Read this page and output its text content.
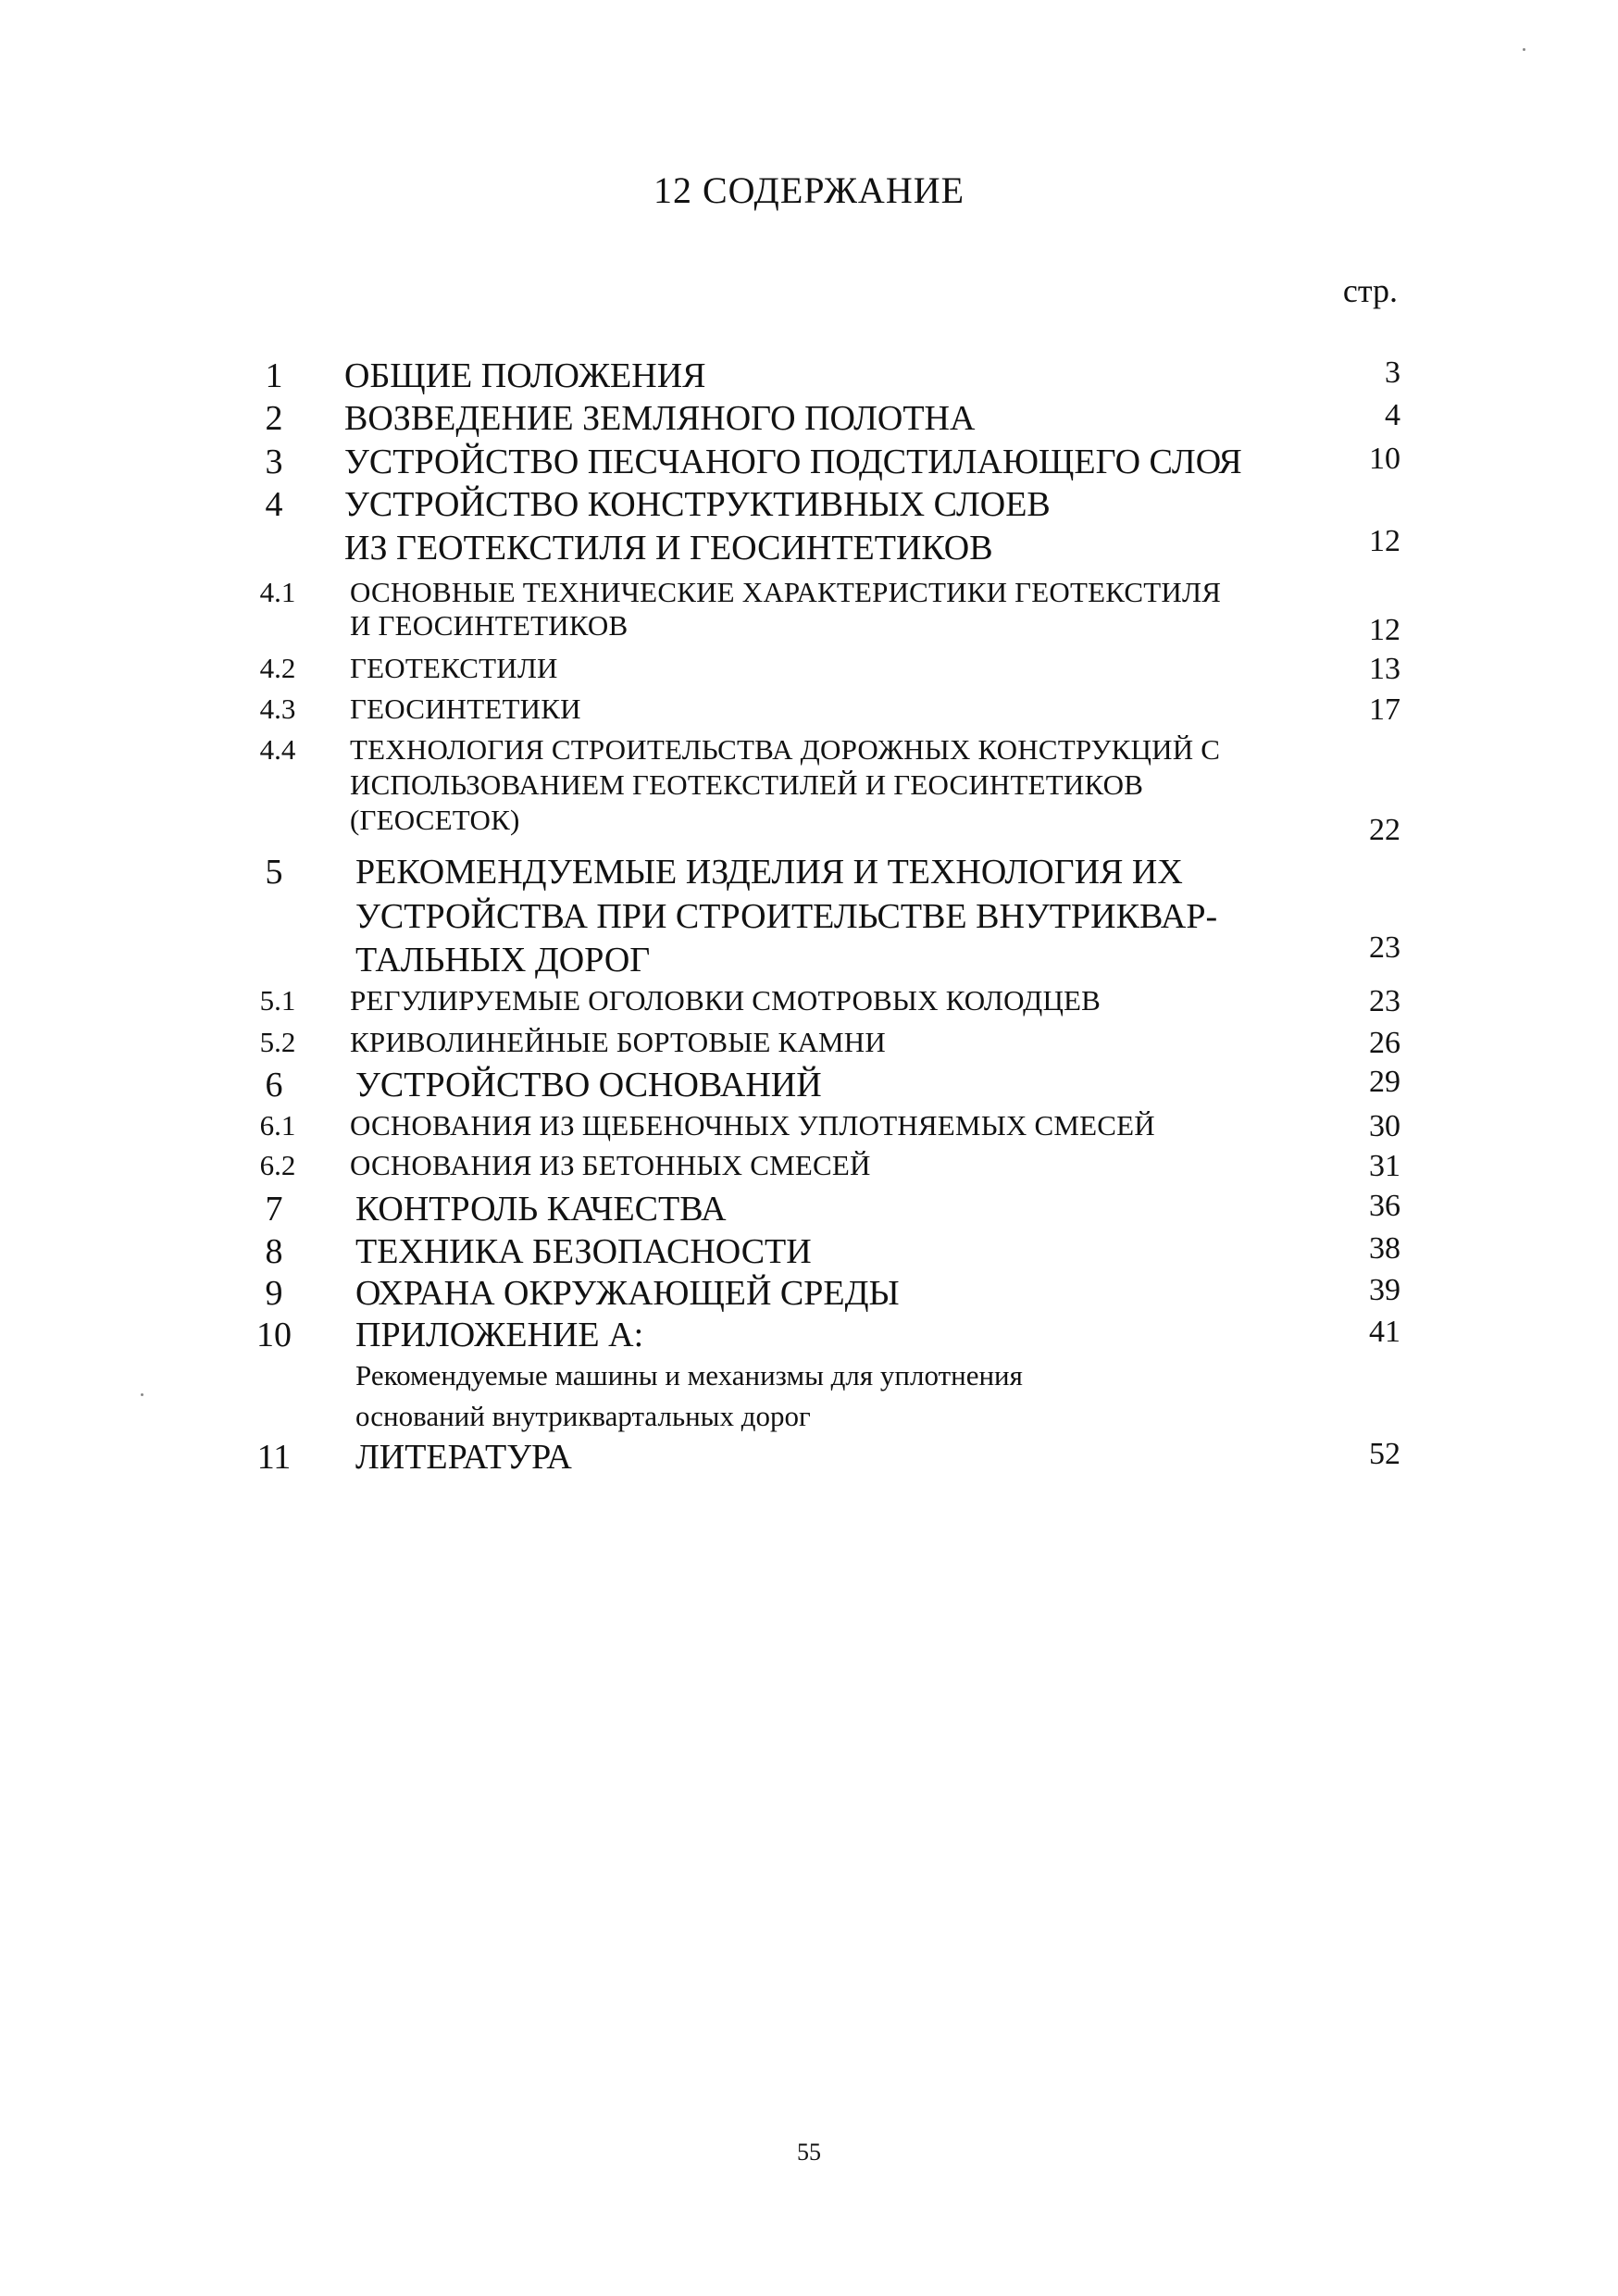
12 СОДЕРЖАНИЕ
стр.
1	ОБЩИЕ ПОЛОЖЕНИЯ	3
2	ВОЗВЕДЕНИЕ ЗЕМЛЯНОГО ПОЛОТНА	4
3	УСТРОЙСТВО ПЕСЧАНОГО ПОДСТИЛАЮЩЕГО СЛОЯ	10
4	УСТРОЙСТВО КОНСТРУКТИВНЫХ СЛОЕВ
ИЗ ГЕОТЕКСТИЛЯ И ГЕОСИНТЕТИКОВ	12
4.1	ОСНОВНЫЕ ТЕХНИЧЕСКИЕ ХАРАКТЕРИСТИКИ ГЕОТЕКСТИЛЯ
И ГЕОСИНТЕТИКОВ	12
4.2	ГЕОТЕКСТИЛИ	13
4.3	ГЕОСИНТЕТИКИ	17
4.4	ТЕХНОЛОГИЯ СТРОИТЕЛЬСТВА ДОРОЖНЫХ КОНСТРУКЦИЙ С
ИСПОЛЬЗОВАНИЕМ ГЕОТЕКСТИЛЕЙ И ГЕОСИНТЕТИКОВ
(ГЕОСЕТОК)	22
5	РЕКОМЕНДУЕМЫЕ ИЗДЕЛИЯ И ТЕХНОЛОГИЯ ИХ
УСТРОЙСТВА ПРИ СТРОИТЕЛЬСТВЕ ВНУТРИКВАР-
ТАЛЬНЫХ ДОРОГ	23
5.1	РЕГУЛИРУЕМЫЕ ОГОЛОВКИ СМОТРОВЫХ КОЛОДЦЕВ	23
5.2	КРИВОЛИНЕЙНЫЕ БОРТОВЫЕ КАМНИ	26
6	УСТРОЙСТВО ОСНОВАНИЙ	29
6.1	ОСНОВАНИЯ ИЗ ЩЕБЕНОЧНЫХ УПЛОТНЯЕМЫХ СМЕСЕЙ	30
6.2	ОСНОВАНИЯ ИЗ БЕТОННЫХ СМЕСЕЙ	31
7	КОНТРОЛЬ КАЧЕСТВА	36
8	ТЕХНИКА БЕЗОПАСНОСТИ	38
9	ОХРАНА ОКРУЖАЮЩЕЙ СРЕДЫ	39
10	ПРИЛОЖЕНИЕ А:	41
Рекомендуемые машины и механизмы для уплотнения
оснований внутриквартальных дорог
11	ЛИТЕРАТУРА	52
55
